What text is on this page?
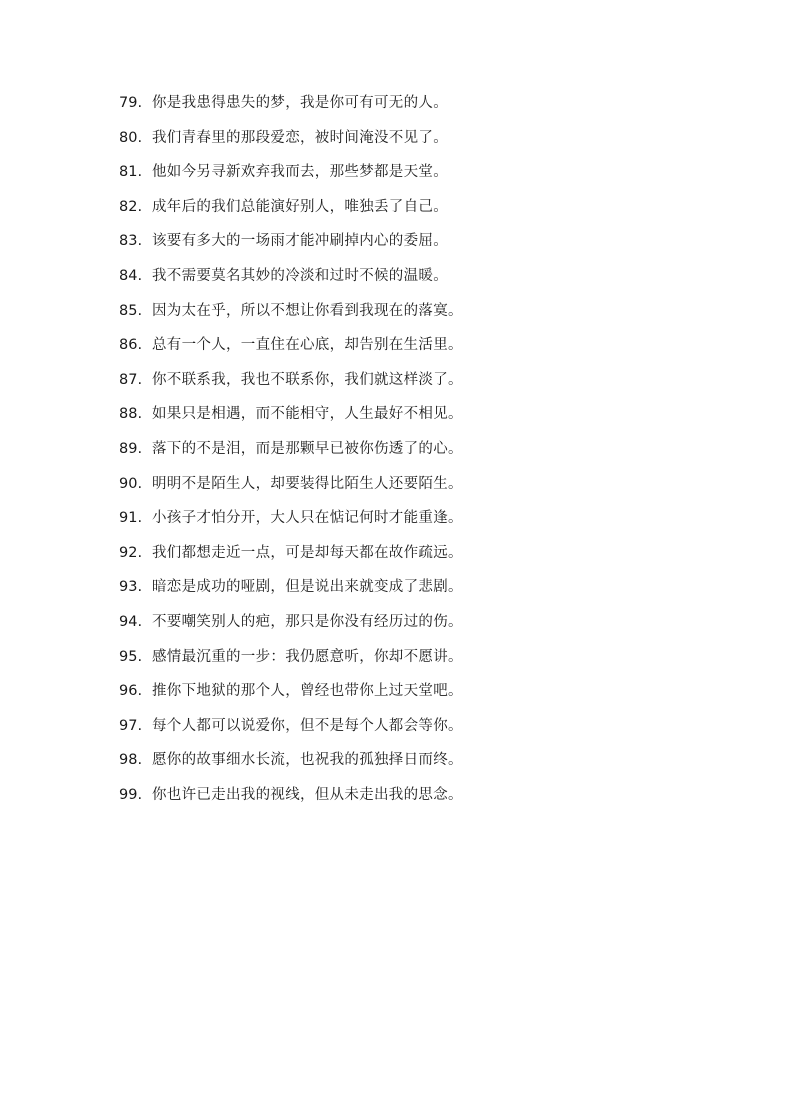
79. 你是我患得患失的梦，我是你可有可无的人。
80. 我们青春里的那段爱恋，被时间淹没不见了。
81. 他如今另寻新欢弃我而去，那些梦都是天堂。
82. 成年后的我们总能演好别人，唯独丢了自己。
83. 该要有多大的一场雨才能冲刷掉内心的委屈。
84. 我不需要莫名其妙的冷淡和过时不候的温暖。
85. 因为太在乎，所以不想让你看到我现在的落寞。
86. 总有一个人，一直住在心底，却告别在生活里。
87. 你不联系我，我也不联系你，我们就这样淡了。
88. 如果只是相遇，而不能相守，人生最好不相见。
89. 落下的不是泪，而是那颗早已被你伤透了的心。
90. 明明不是陌生人，却要装得比陌生人还要陌生。
91. 小孩子才怕分开，大人只在惦记何时才能重逢。
92. 我们都想走近一点，可是却每天都在故作疏远。
93. 暗恋是成功的哑剧，但是说出来就变成了悲剧。
94. 不要嘲笑别人的疤，那只是你没有经历过的伤。
95. 感情最沉重的一步：我仍愿意听，你却不愿讲。
96. 推你下地狱的那个人，曾经也带你上过天堂吧。
97. 每个人都可以说爱你，但不是每个人都会等你。
98. 愿你的故事细水长流，也祝我的孤独择日而终。
99. 你也许已走出我的视线，但从未走出我的思念。
